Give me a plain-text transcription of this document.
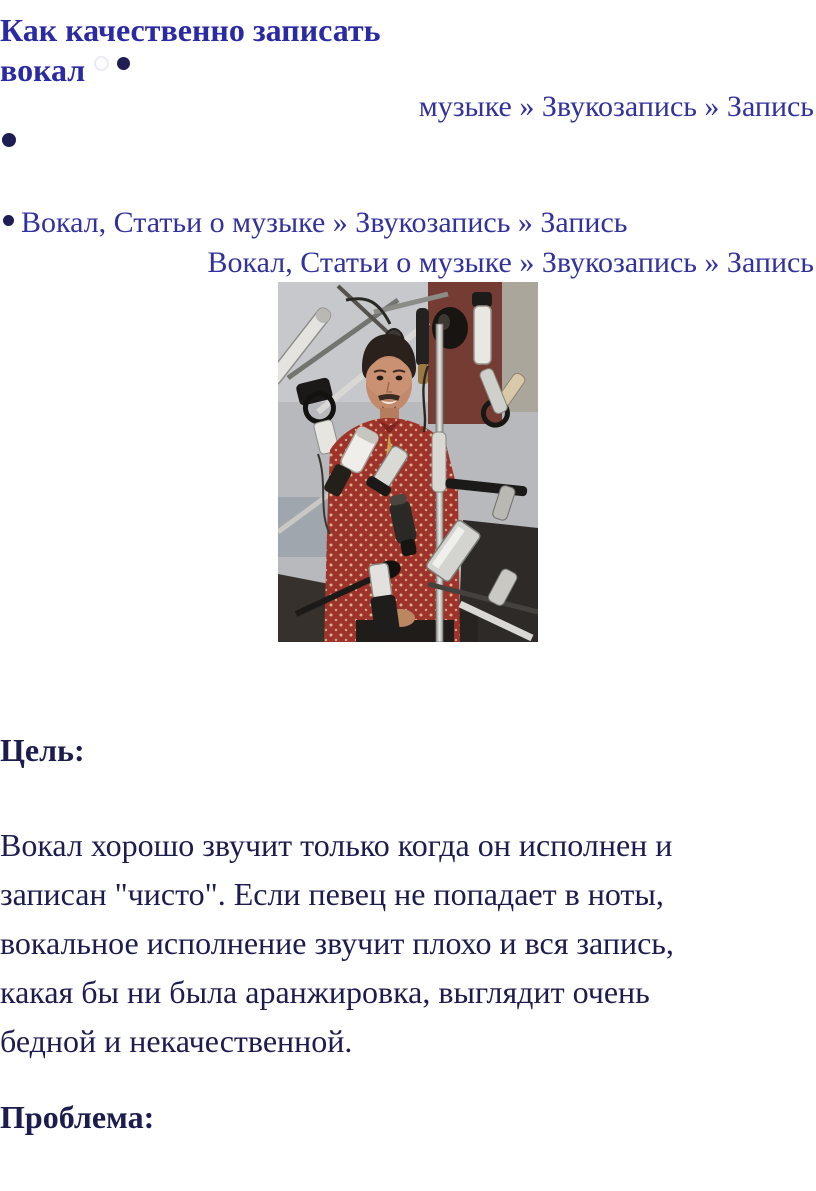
Как качественно записать
вокал
музыке » Звукозапись » Запись
Вокал, Статьи о музыке » Звукозапись » Запись
Вокал, Статьи о музыке » Звукозапись » Запись
Цель:
Вокал хорошо звучит только когда он исполнен и
записан "чисто". Если певец не попадает в ноты,
вокальное исполнение звучит плохо и вся запись,
какая бы ни была аранжировка, выглядит очень
бедной и некачественной.
Проблема:
